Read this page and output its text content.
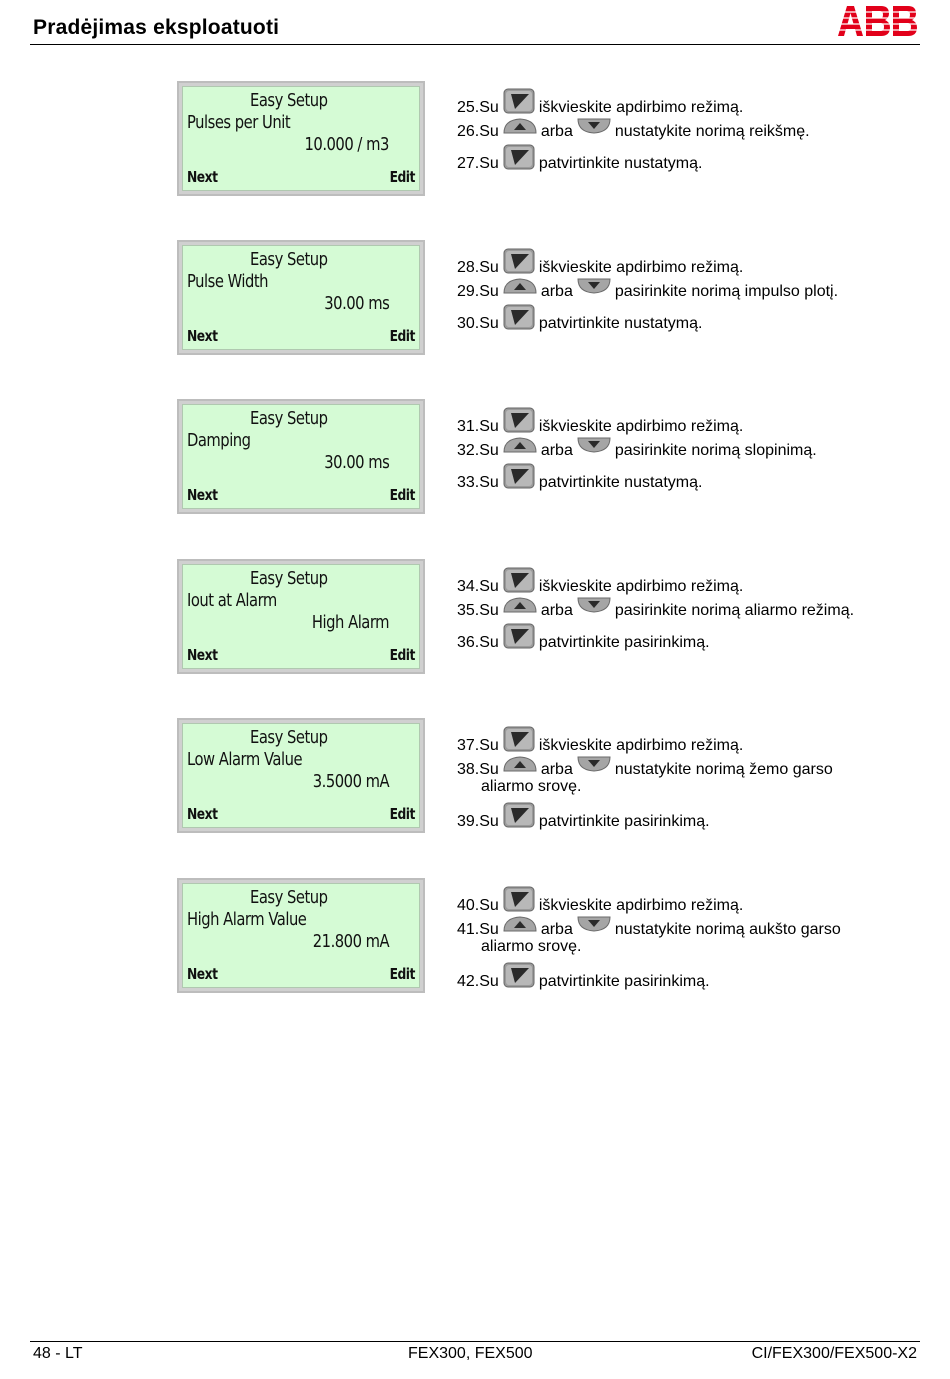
Pradėjimas eksploatuoti
Easy Setup
Pulses per Unit
10.000 / m3
Next	Edit
Easy Setup
Pulse Width
30.00 ms
Next	Edit
Easy Setup
Damping
30.00 ms
Next	Edit
Easy Setup
Iout at Alarm
High Alarm
Next	Edit
Easy Setup
Low Alarm Value
3.5000 mA
Next	Edit
Easy Setup
High Alarm Value
21.800 mA
Next	Edit
25.Su	iškvieskite apdirbimo režimą.
26.Su	arba	nustatykite norimą reikšmę.
27.Su	patvirtinkite nustatymą.
28.Su	iškvieskite apdirbimo režimą.
29.Su	arba	pasirinkite norimą impulso plotį.
30.Su	patvirtinkite nustatymą.
31.Su	iškvieskite apdirbimo režimą.
32.Su	arba	pasirinkite norimą slopinimą.
33.Su	patvirtinkite nustatymą.
34.Su	iškvieskite apdirbimo režimą.
35.Su	arba	pasirinkite norimą aliarmo režimą.
36.Su	patvirtinkite pasirinkimą.
37.Su	iškvieskite apdirbimo režimą.
38.Su	arba	nustatykite norimą žemo garso
aliarmo srovę.
39.Su	patvirtinkite pasirinkimą.
40.Su	iškvieskite apdirbimo režimą.
41.Su	arba	nustatykite norimą aukšto garso
aliarmo srovę.
42.Su	patvirtinkite pasirinkimą.
48 - LT	FEX300, FEX500	CI/FEX300/FEX500-X2
